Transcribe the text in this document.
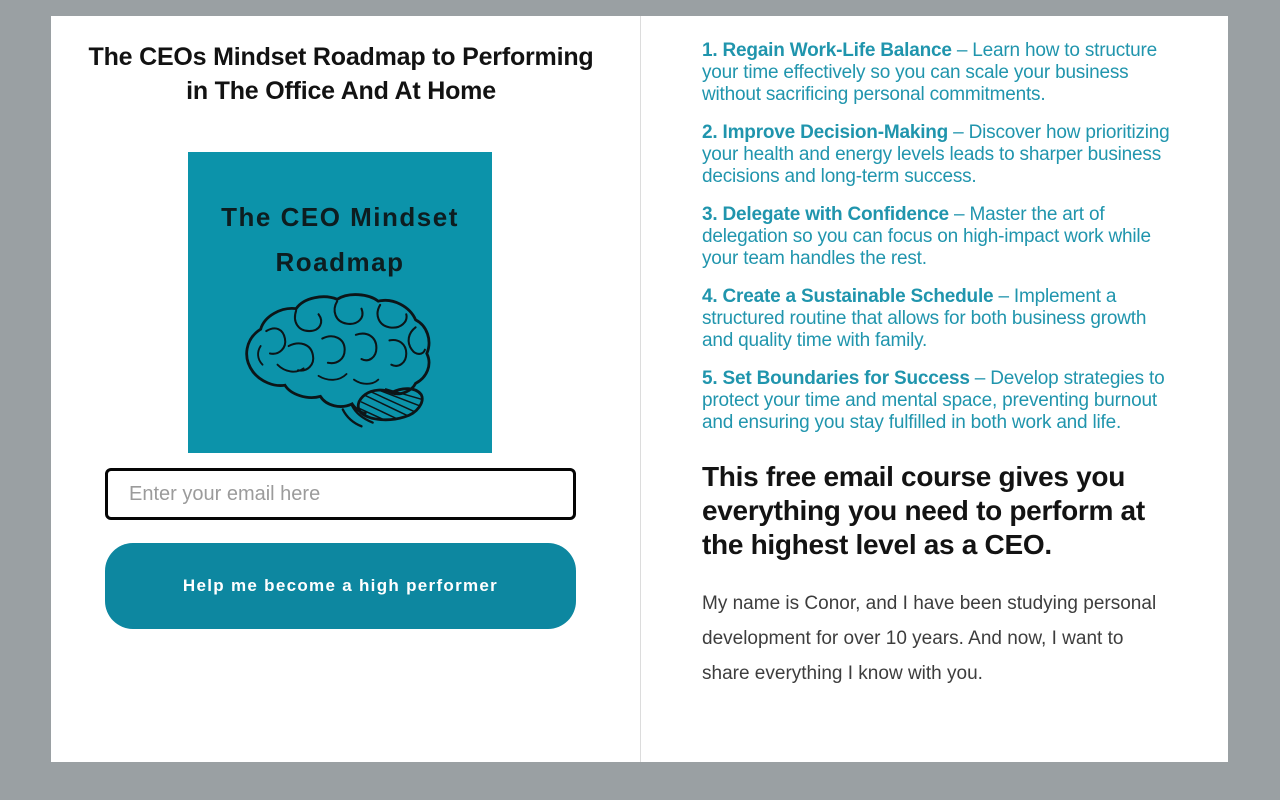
The CEOs Mindset Roadmap to Performing in The Office And At Home
The CEO Mindset
Roadmap
Enter your email here
Help me become a high performer

1. Regain Work-Life Balance – Learn how to structure your time effectively so you can scale your business without sacrificing personal commitments.

2. Improve Decision-Making – Discover how prioritizing your health and energy levels leads to sharper business decisions and long-term success.

3. Delegate with Confidence – Master the art of delegation so you can focus on high-impact work while your team handles the rest.

4. Create a Sustainable Schedule – Implement a structured routine that allows for both business growth and quality time with family.

5. Set Boundaries for Success – Develop strategies to protect your time and mental space, preventing burnout and ensuring you stay fulfilled in both work and life.

This free email course gives you everything you need to perform at the highest level as a CEO.

My name is Conor, and I have been studying personal development for over 10 years. And now, I want to share everything I know with you.
